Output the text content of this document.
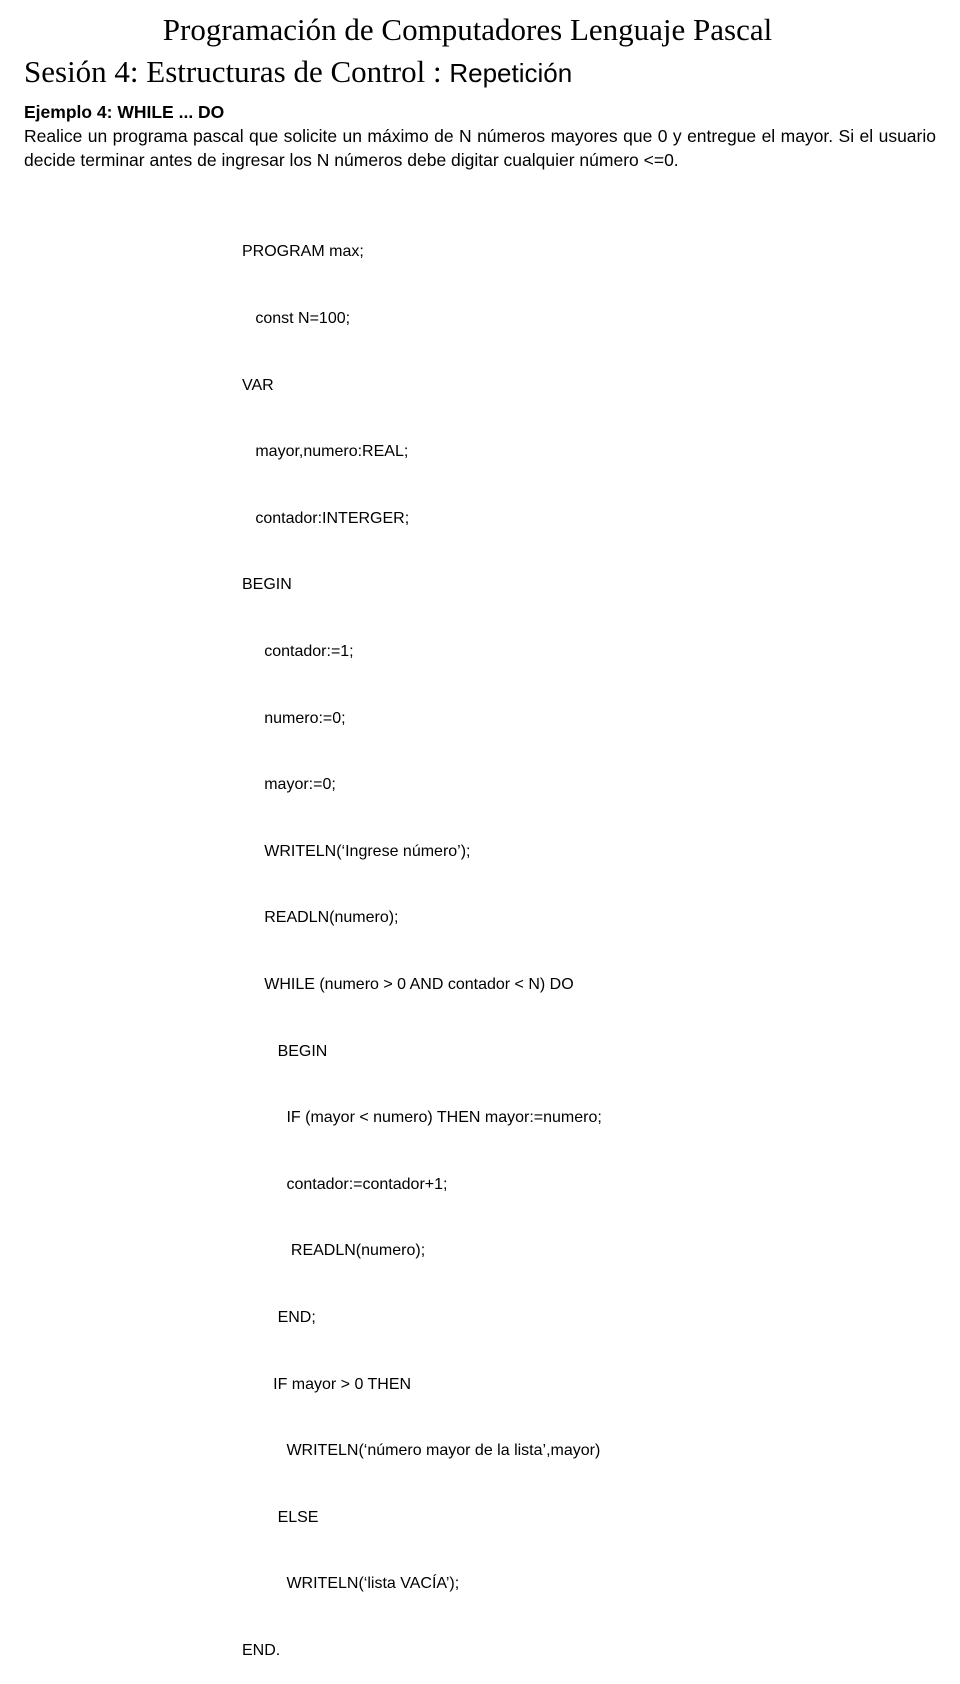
Programación de Computadores Lenguaje Pascal
Sesión 4: Estructuras de Control : Repetición
Ejemplo 4: WHILE ... DO
Realice un programa pascal que solicite un máximo de N números mayores que 0 y entregue el mayor. Si el usuario decide terminar antes de ingresar los N números debe digitar cualquier número <=0.

PROGRAM max;

const N=100;

VAR

mayor,numero:REAL;

contador:INTERGER;

BEGIN

contador:=1;

numero:=0;

mayor:=0;

WRITELN(‘Ingrese número’);

READLN(numero);

WHILE (numero > 0 AND contador < N) DO

BEGIN

IF (mayor < numero) THEN mayor:=numero;

contador:=contador+1;

READLN(numero);

END;

IF mayor > 0 THEN

WRITELN(‘número mayor de la lista’,mayor)

ELSE

WRITELN(‘lista VACÍA’);

END.
